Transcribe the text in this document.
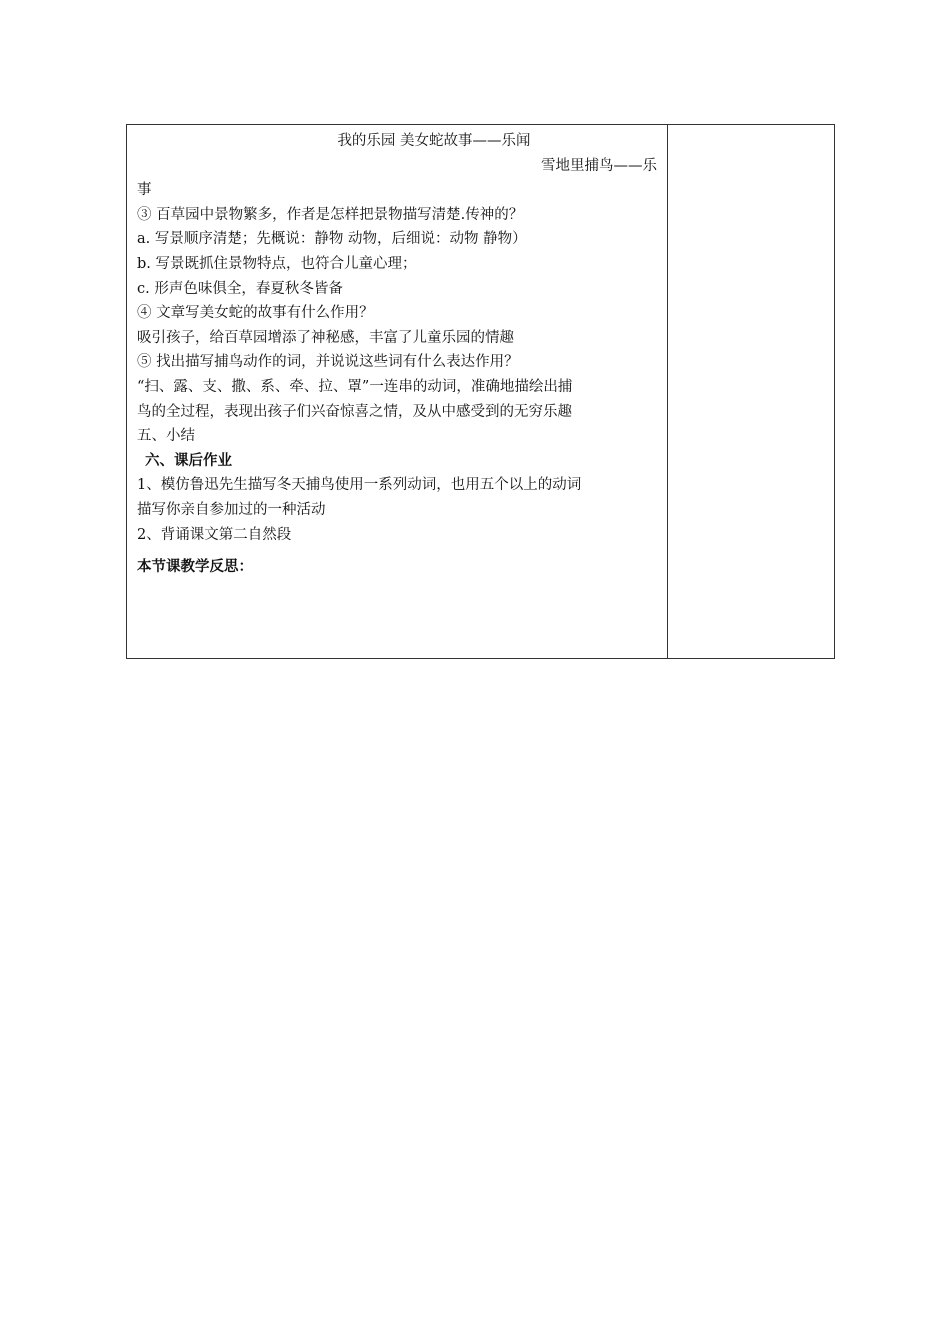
我的乐园 美女蛇故事——乐闻
雪地里捕鸟——乐
事
③ 百草园中景物繁多，作者是怎样把景物描写清楚.传神的？
a. 写景顺序清楚；先概说：静物 动物，后细说：动物 静物）
b. 写景既抓住景物特点，也符合儿童心理；
c. 形声色味俱全，春夏秋冬皆备
④ 文章写美女蛇的故事有什么作用？
吸引孩子，给百草园增添了神秘感，丰富了儿童乐园的情趣
⑤ 找出描写捕鸟动作的词，并说说这些词有什么表达作用？
“扫、露、支、撒、系、牵、拉、罩”一连串的动词，准确地描绘出捕
鸟的全过程，表现出孩子们兴奋惊喜之情，及从中感受到的无穷乐趣
五、小结
六、课后作业
1、模仿鲁迅先生描写冬天捕鸟使用一系列动词，也用五个以上的动词
描写你亲自参加过的一种活动
2、背诵课文第二自然段
本节课教学反思：
